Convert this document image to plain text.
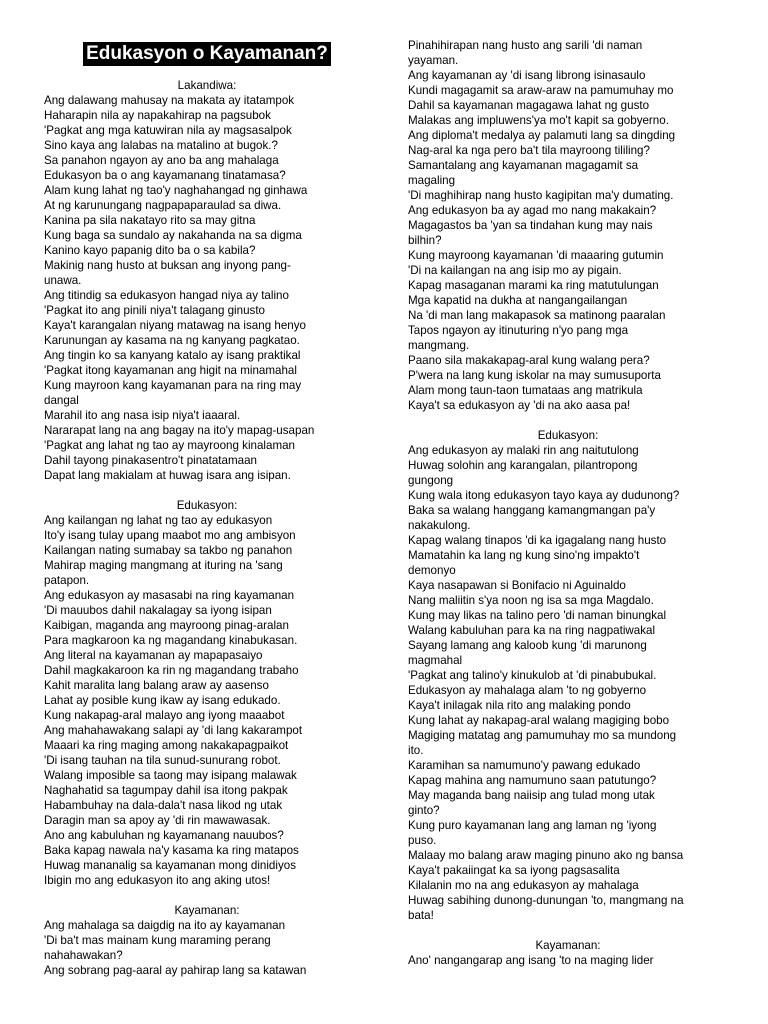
Edukasyon o Kayamanan?
Lakandiwa:
Ang dalawang mahusay na makata ay itatampok
Haharapin nila ay napakahirap na pagsubok
'Pagkat ang mga katuwiran nila ay magsasalpok
Sino kaya ang lalabas na matalino at bugok.?
Sa panahon ngayon ay ano ba ang mahalaga
Edukasyon ba o ang kayamanang tinatamasa?
Alam kung lahat ng tao'y naghahangad ng ginhawa
At ng karunungang nagpapaparaulad sa diwa.
Kanina pa sila nakatayo rito sa may gitna
Kung baga sa sundalo ay nakahanda na sa digma
Kanino kayo papanig dito ba o sa kabila?
Makinig nang husto at buksan ang inyong pang-
unawa.
Ang titindig sa edukasyon hangad niya ay talino
'Pagkat ito ang pinili niya't talagang ginusto
Kaya't karangalan niyang matawag na isang henyo
Karunungan ay kasama na ng kanyang pagkatao.
Ang tingin ko sa kanyang katalo ay isang praktikal
'Pagkat itong kayamanan ang higit na minamahal
Kung mayroon kang kayamanan para na ring may
dangal
Marahil ito ang nasa isip niya't iaaaral.
Nararapat lang na ang bagay na ito'y mapag-usapan
'Pagkat ang lahat ng tao ay mayroong kinalaman
Dahil tayong pinakasentro't pinatatamaan
Dapat lang makialam at huwag isara ang isipan.
Edukasyon:
Ang kailangan ng lahat ng tao ay edukasyon
Ito'y isang tulay upang maabot mo ang ambisyon
Kailangan nating sumabay sa takbo ng panahon
Mahirap maging mangmang at ituring na 'sang
patapon.
Ang edukasyon ay masasabi na ring kayamanan
'Di mauubos dahil nakalagay sa iyong isipan
Kaibigan, maganda ang mayroong pinag-aralan
Para magkaroon ka ng magandang kinabukasan.
Ang literal na kayamanan ay mapapasaiyo
Dahil magkakaroon ka rin ng magandang trabaho
Kahit maralita lang balang araw ay aasenso
Lahat ay posible kung ikaw ay isang edukado.
Kung nakapag-aral malayo ang iyong maaabot
Ang mahahawakang salapi ay 'di lang kakarampot
Maaari ka ring maging among nakakapagpaikot
'Di isang tauhan na tila sunud-sunurang robot.
Walang imposible sa taong may isipang malawak
Naghahatid sa tagumpay dahil isa itong pakpak
Habambuhay na dala-dala't nasa likod ng utak
Daragin man sa apoy ay 'di rin mawawasak.
Ano ang kabuluhan ng kayamanang nauubos?
Baka kapag nawala na'y kasama ka ring matapos
Huwag mananalig sa kayamanan mong dinidiyos
Ibigin mo ang edukasyon ito ang aking utos!
Kayamanan:
Ang mahalaga sa daigdig na ito ay kayamanan
'Di ba't mas mainam kung maraming perang
nahahawakan?
Ang sobrang pag-aaral ay pahirap lang sa katawan
Pinahihirapan nang husto ang sarili 'di naman
yayaman.
Ang kayamanan ay 'di isang librong isinasaulo
Kundi magagamit sa araw-araw na pamumuhay mo
Dahil sa kayamanan magagawa lahat ng gusto
Malakas ang impluwens'ya mo't kapit sa gobyerno.
Ang diploma't medalya ay palamuti lang sa dingding
Nag-aral ka nga pero ba't tila mayroong tililing?
Samantalang ang kayamanan magagamit sa
magaling
'Di maghihirap nang husto kagipitan ma'y dumating.
Ang edukasyon ba ay agad mo nang makakain?
Magagastos ba 'yan sa tindahan kung may nais
bilhin?
Kung mayroong kayamanan 'di maaaring gutumin
'Di na kailangan na ang isip mo ay pigain.
Kapag masaganan marami ka ring matutulungan
Mga kapatid na dukha at nangangailangan
Na 'di man lang makapasok sa matinong paaralan
Tapos ngayon ay itinuturing n'yo pang mga
mangmang.
Paano sila makakapag-aral kung walang pera?
P'wera na lang kung iskolar na may sumusuporta
Alam mong taun-taon tumataas ang matrikula
Kaya't sa edukasyon ay 'di na ako aasa pa!
Edukasyon:
Ang edukasyon ay malaki rin ang naitutulong
Huwag solohin ang karangalan, pilantropong
gungong
Kung wala itong edukasyon tayo kaya ay dudunong?
Baka sa walang hanggang kamangmangan pa'y
nakakulong.
Kapag walang tinapos 'di ka igagalang nang husto
Mamatahin ka lang ng kung sino'ng impakto't
demonyo
Kaya nasapawan si Bonifacio ni Aguinaldo
Nang maliitin s'ya noon ng isa sa mga Magdalo.
Kung may likas na talino pero 'di naman binungkal
Walang kabuluhan para ka na ring nagpatiwakal
Sayang lamang ang kaloob kung 'di marunong
magmahal
'Pagkat ang talino'y kinukulob at 'di pinabubukal.
Edukasyon ay mahalaga alam 'to ng gobyerno
Kaya't inilagak nila rito ang malaking pondo
Kung lahat ay nakapag-aral walang magiging bobo
Magiging matatag ang pamumuhay mo sa mundong
ito.
Karamihan sa namumuno'y pawang edukado
Kapag mahina ang namumuno saan patutungo?
May maganda bang naiisip ang tulad mong utak
ginto?
Kung puro kayamanan lang ang laman ng 'iyong
puso.
Malaay mo balang araw maging pinuno ako ng bansa
Kaya't pakaiingat ka sa iyong pagsasalita
Kilalanin mo na ang edukasyon ay mahalaga
Huwag sabihing dunong-dunungan 'to, mangmang na
bata!
Kayamanan:
Ano' nangangarap ang isang 'to na maging lider
